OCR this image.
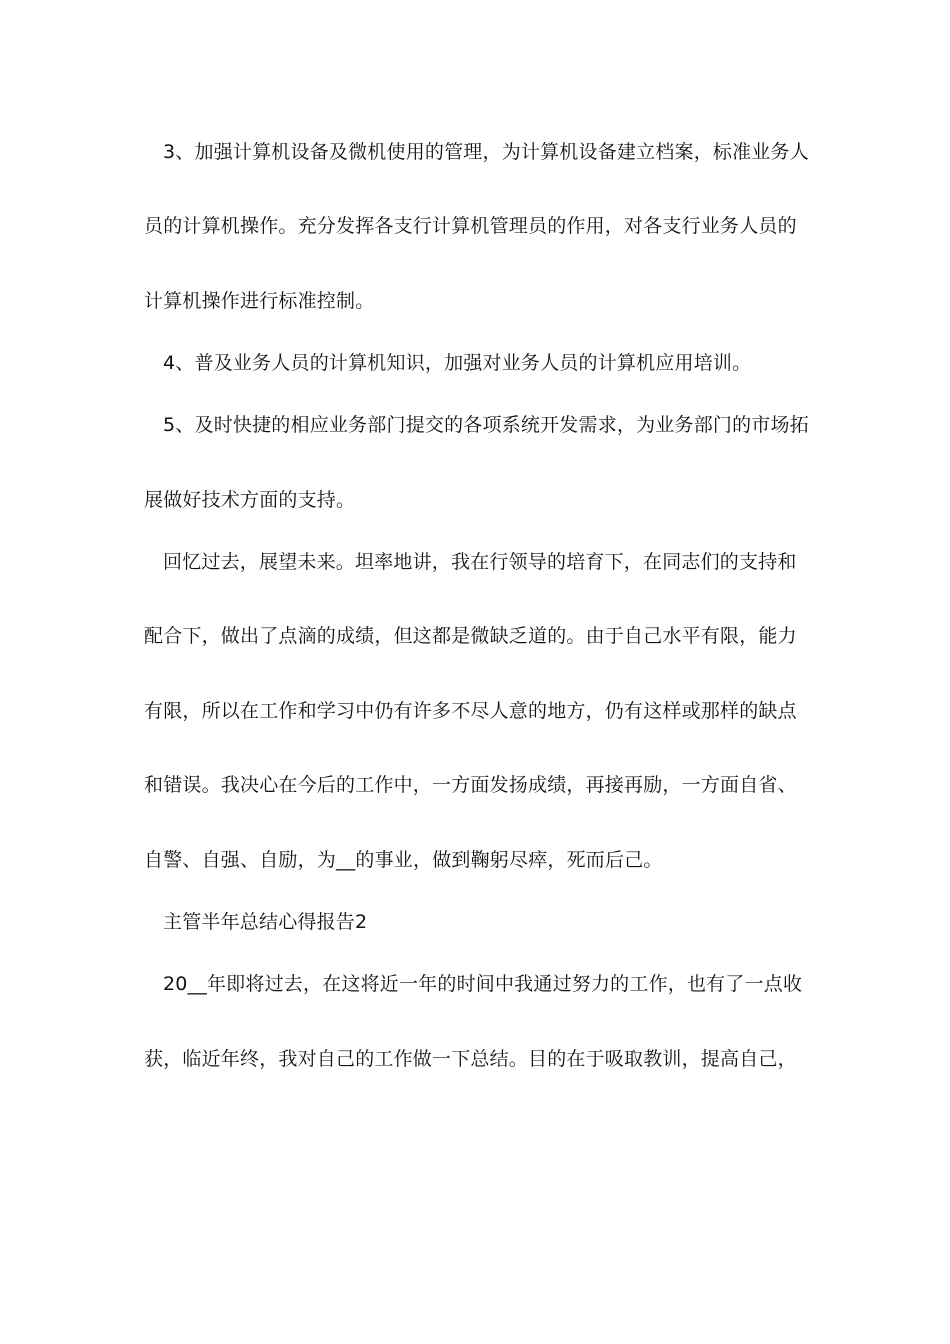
3、加强计算机设备及微机使用的管理，为计算机设备建立档案，标准业务人
员的计算机操作。充分发挥各支行计算机管理员的作用，对各支行业务人员的
计算机操作进行标准控制。
4、普及业务人员的计算机知识，加强对业务人员的计算机应用培训。
5、及时快捷的相应业务部门提交的各项系统开发需求，为业务部门的市场拓
展做好技术方面的支持。
回忆过去，展望未来。坦率地讲，我在行领导的培育下，在同志们的支持和
配合下，做出了点滴的成绩，但这都是微缺乏道的。由于自己水平有限，能力
有限，所以在工作和学习中仍有许多不尽人意的地方，仍有这样或那样的缺点
和错误。我决心在今后的工作中，一方面发扬成绩，再接再励，一方面自省、
自警、自强、自励，为__的事业，做到鞠躬尽瘁，死而后己。
主管半年总结心得报告2
20__年即将过去，在这将近一年的时间中我通过努力的工作，也有了一点收
获，临近年终，我对自己的工作做一下总结。目的在于吸取教训，提高自己，
